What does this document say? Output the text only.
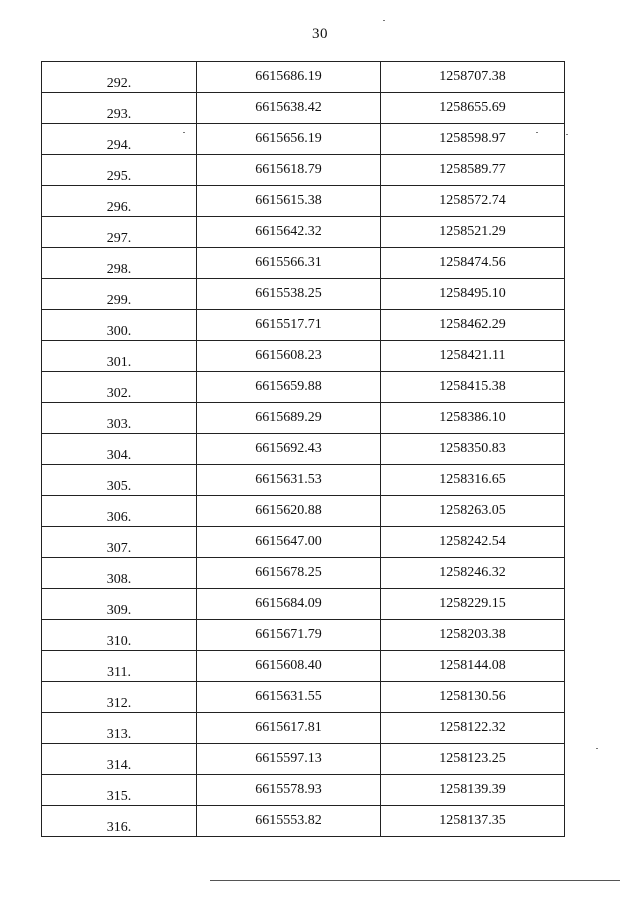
30
292.	6615686.19	1258707.38
293.	6615638.42	1258655.69
294.	6615656.19	1258598.97
295.	6615618.79	1258589.77
296.	6615615.38	1258572.74
297.	6615642.32	1258521.29
298.	6615566.31	1258474.56
299.	6615538.25	1258495.10
300.	6615517.71	1258462.29
301.	6615608.23	1258421.11
302.	6615659.88	1258415.38
303.	6615689.29	1258386.10
304.	6615692.43	1258350.83
305.	6615631.53	1258316.65
306.	6615620.88	1258263.05
307.	6615647.00	1258242.54
308.	6615678.25	1258246.32
309.	6615684.09	1258229.15
310.	6615671.79	1258203.38
311.	6615608.40	1258144.08
312.	6615631.55	1258130.56
313.	6615617.81	1258122.32
314.	6615597.13	1258123.25
315.	6615578.93	1258139.39
316.	6615553.82	1258137.35
